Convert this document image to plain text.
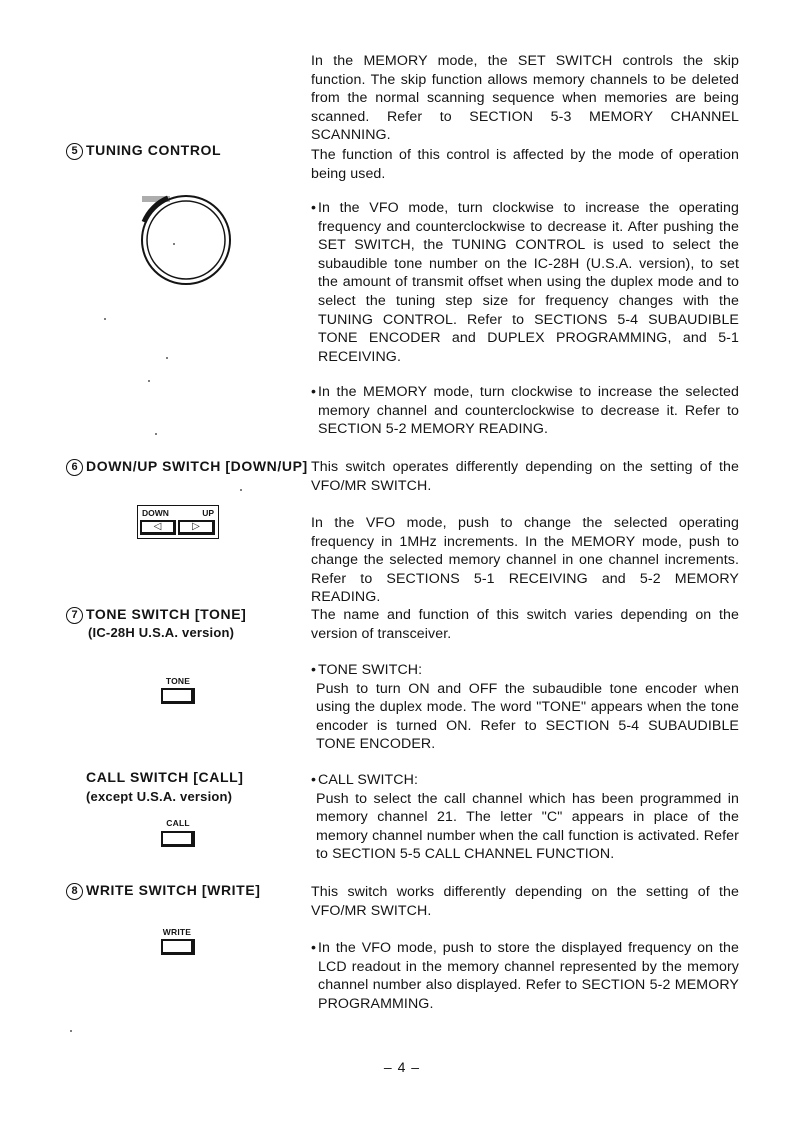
In the MEMORY mode, the SET SWITCH controls the skip function. The skip function allows memory channels to be deleted from the normal scanning sequence when memories are being scanned. Refer to SECTION 5-3 MEMORY CHANNEL SCANNING.
5 TUNING CONTROL	The function of this control is affected by the mode of operation being used.
• In the VFO mode, turn clockwise to increase the operating frequency and counterclockwise to decrease it. After pushing the SET SWITCH, the TUNING CONTROL is used to select the subaudible tone number on the IC-28H (U.S.A. version), to set the amount of transmit offset when using the duplex mode and to select the tuning step size for frequency changes with the TUNING CONTROL. Refer to SECTIONS 5-4 SUBAUDIBLE TONE ENCODER and DUPLEX PROGRAMMING, and 5-1 RECEIVING.
• In the MEMORY mode, turn clockwise to increase the selected memory channel and counterclockwise to decrease it. Refer to SECTION 5-2 MEMORY READING.
6 DOWN/UP SWITCH [DOWN/UP] This switch operates differently depending on the setting of the VFO/MR SWITCH.
DOWN	UP
◁	▷	In the VFO mode, push to change the selected operating frequency in 1MHz increments. In the MEMORY mode, push to change the selected memory channel in one channel increments. Refer to SECTIONS 5-1 RECEIVING and 5-2 MEMORY READING.
7 TONE SWITCH [TONE]
(IC-28H U.S.A. version)
The name and function of this switch varies depending on the version of transceiver.
TONE
• TONE SWITCH:
Push to turn ON and OFF the subaudible tone encoder when using the duplex mode. The word "TONE" appears when the tone encoder is turned ON. Refer to SECTION 5-4 SUBAUDIBLE TONE ENCODER.
CALL SWITCH [CALL]
(except U.S.A. version)
CALL
• CALL SWITCH:
Push to select the call channel which has been programmed in memory channel 21. The letter "C" appears in place of the memory channel number when the call function is activated. Refer to SECTION 5-5 CALL CHANNEL FUNCTION.
8 WRITE SWITCH [WRITE]	This switch works differently depending on the setting of the VFO/MR SWITCH.
WRITE
• In the VFO mode, push to store the displayed frequency on the LCD readout in the memory channel represented by the memory channel number also displayed. Refer to SECTION 5-2 MEMORY PROGRAMMING.
– 4 –
